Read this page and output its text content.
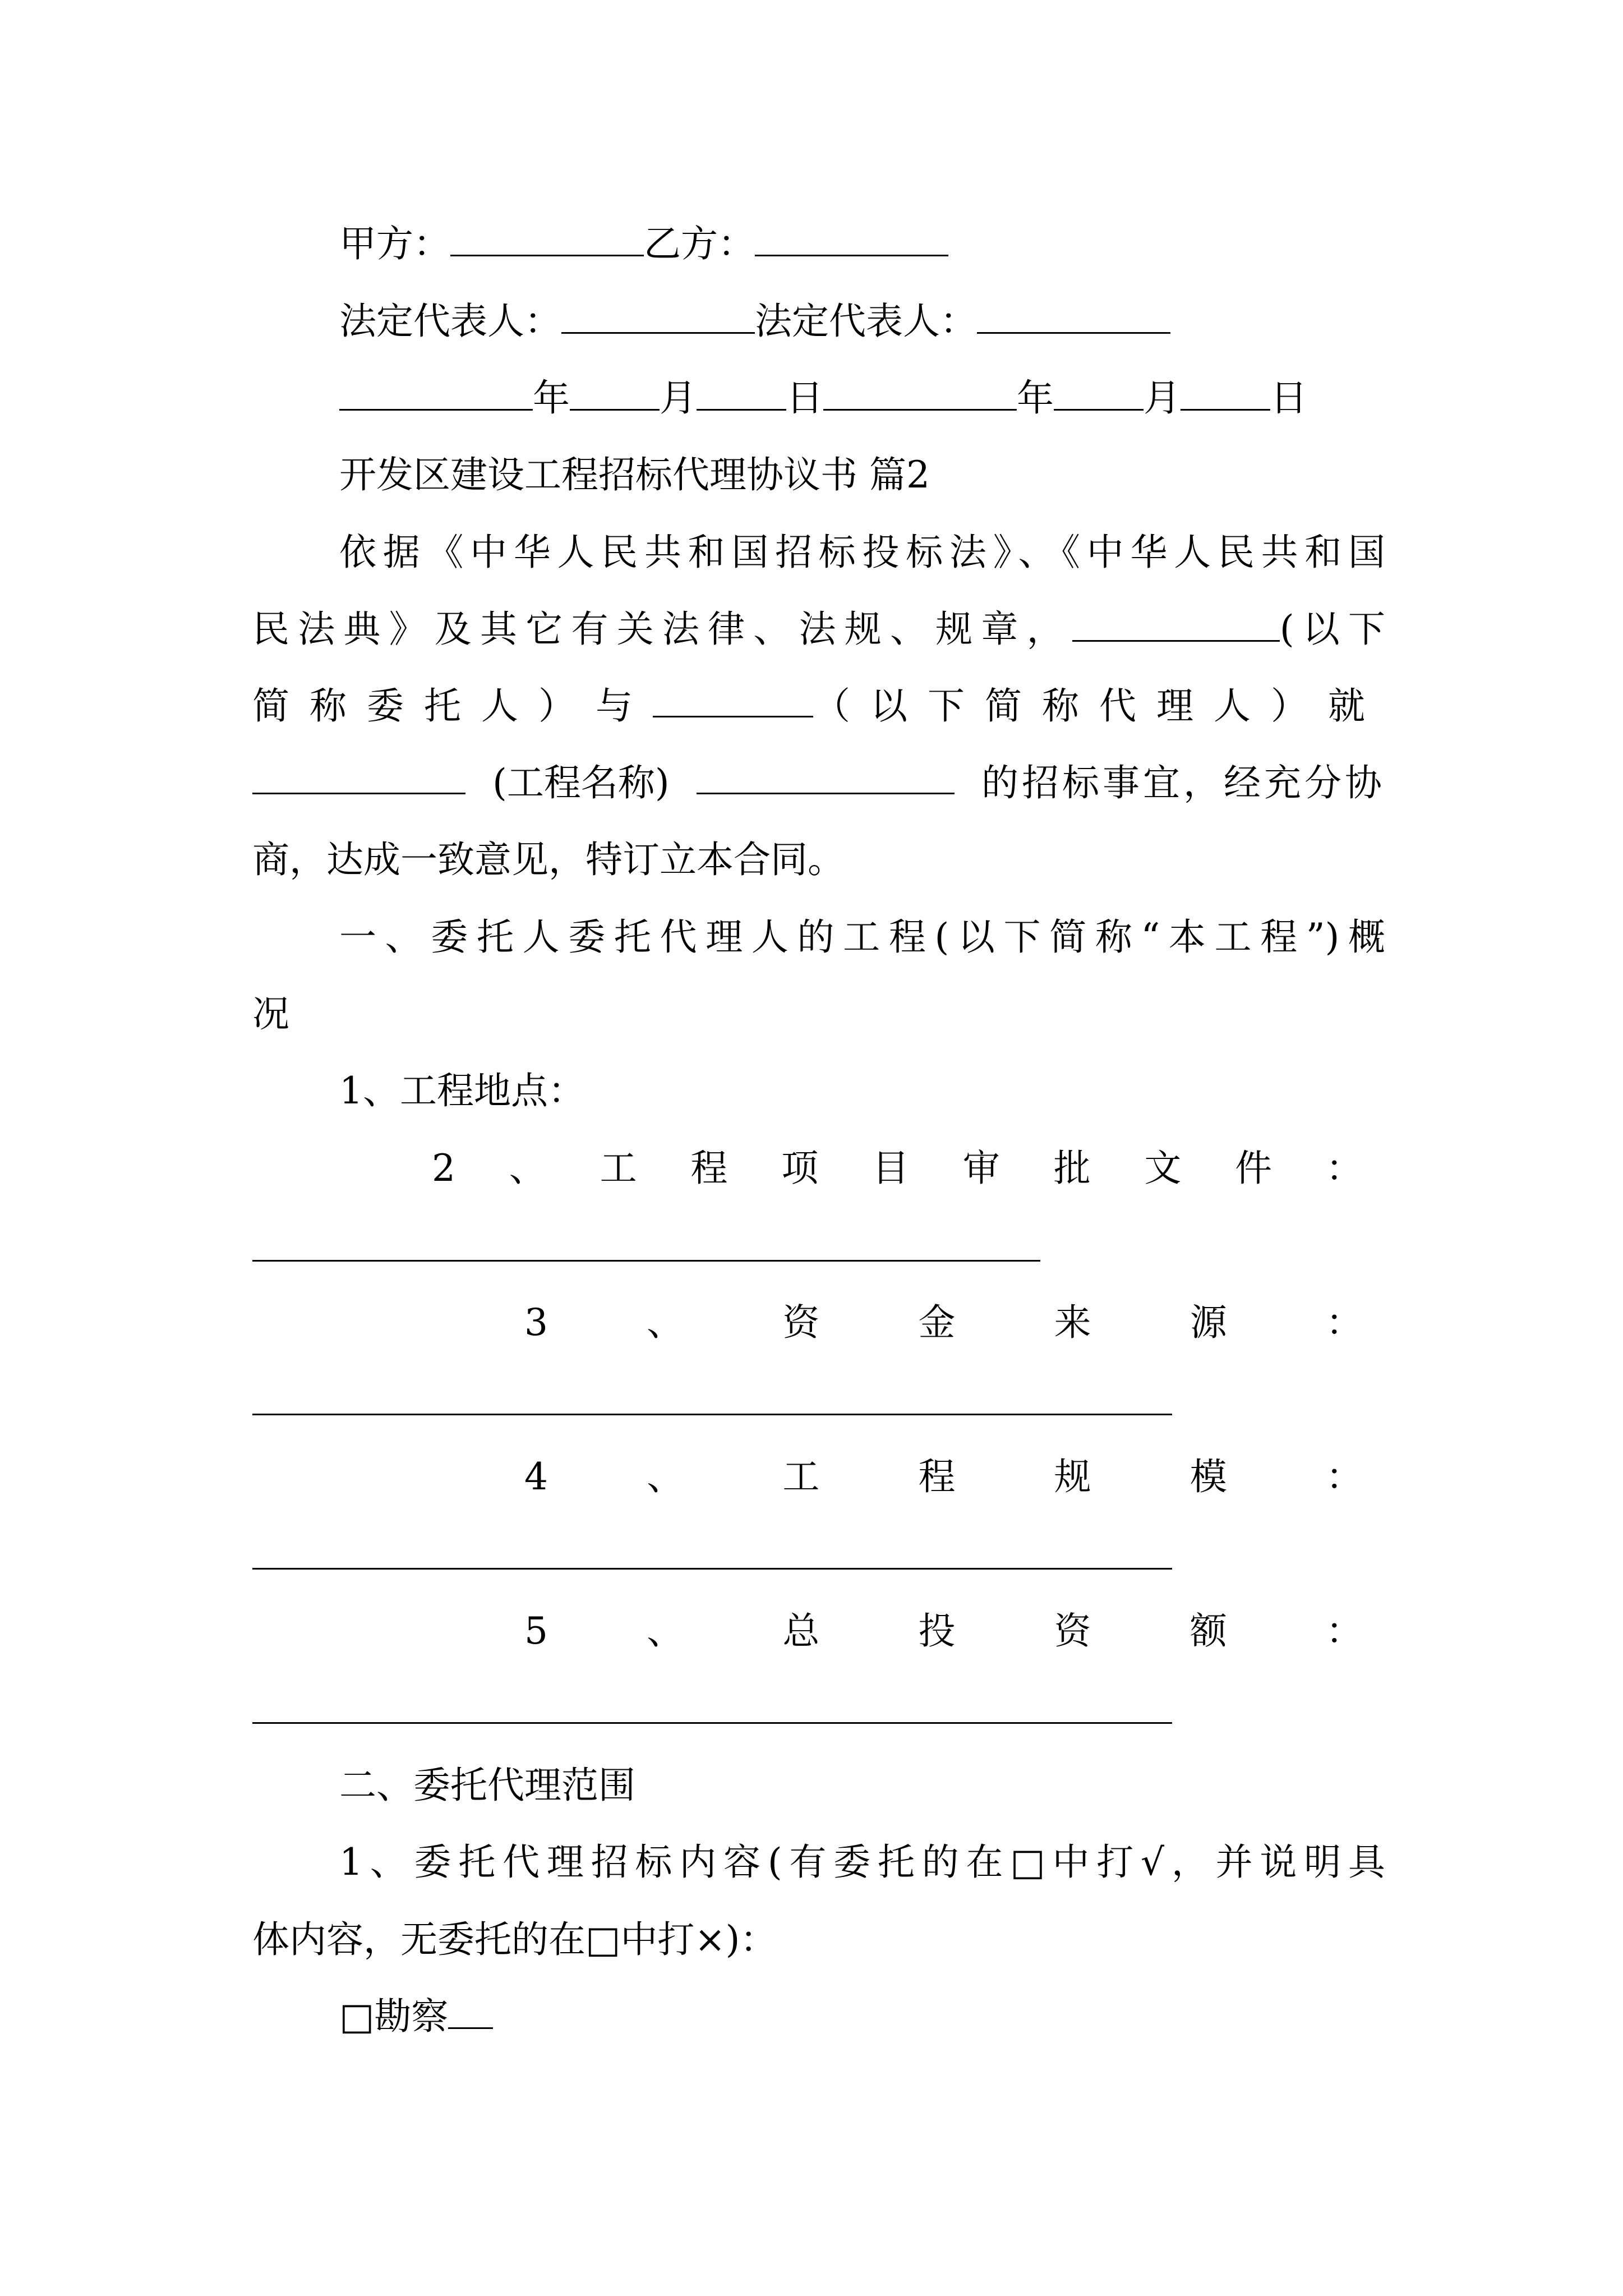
甲方：	乙方：
法定代表人：	法定代表人：
年 月 日	年 月 日
开发区建设工程招标代理协议书 篇2
依据《中华人民共和国招标投标法》、《中华人民共和国
民法典》及其它有关法律、法规、规章，	(以下
简称委托人）与	（以下简称代理人）就
(工程名称)	的招标事宜，经充分协
商，达成一致意见，特订立本合同。
一、委托人委托代理人的工程(以下简称“本工程”)概
况
1、工程地点：
2 、 工 程 项 目 审 批 文 件 ：
3	、	资	金	来	源	：
4	、	工	程	规	模	：
5	、	总	投	资	额	：
二、委托代理范围
1、委托代理招标内容(有委托的在□中打√，并说明具
体内容，无委托的在□中打×)：
□勘察
